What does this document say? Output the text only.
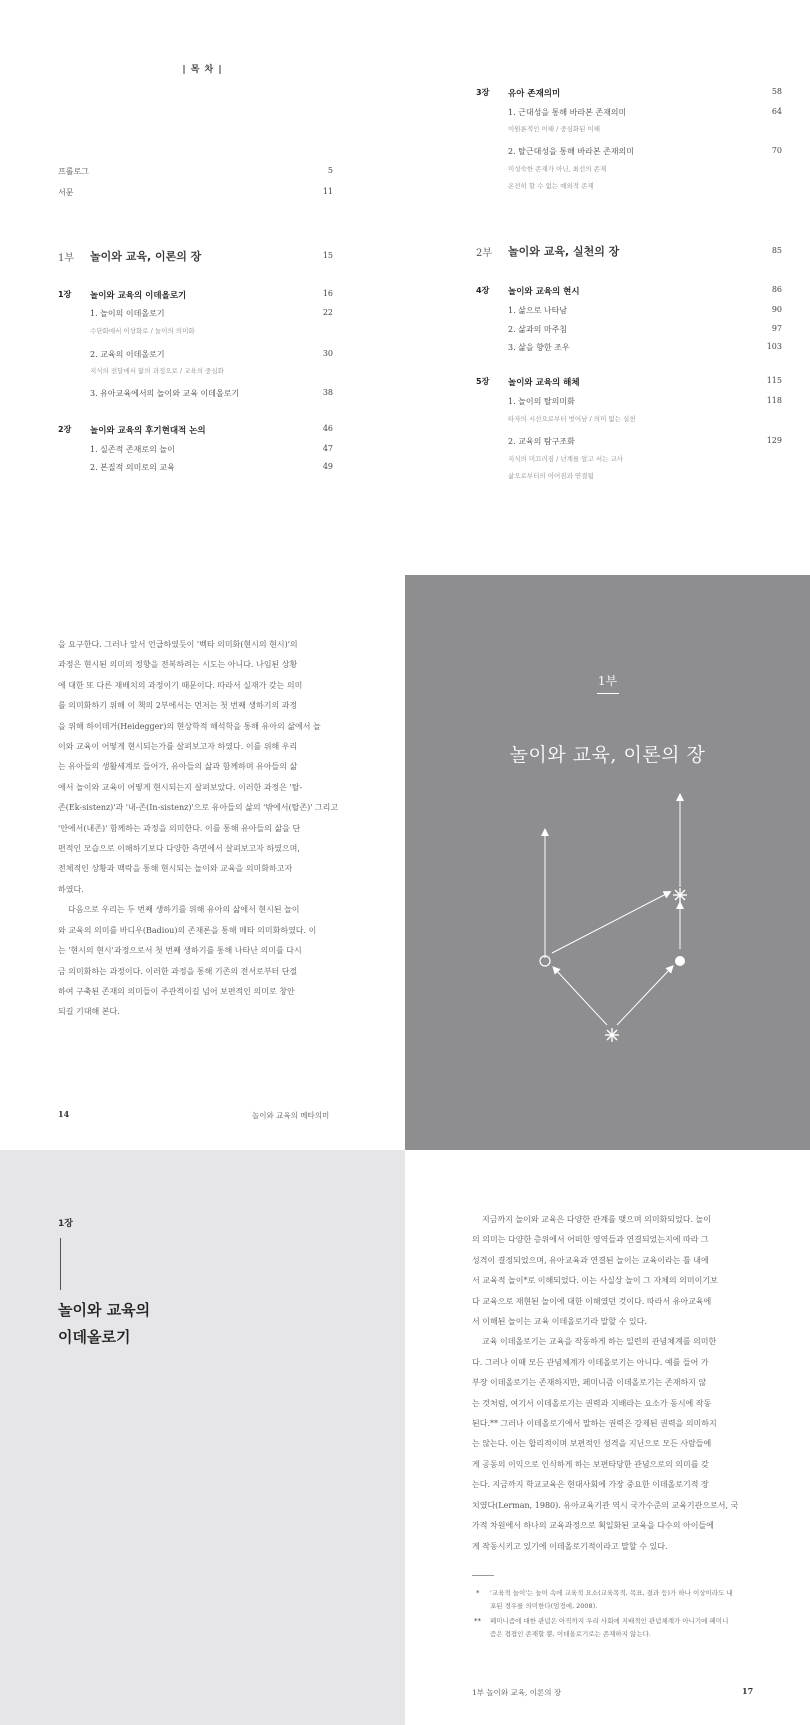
| 목 차 |
프롤로그	5
서문	11
1부 놀이와 교육, 이론의 장	15
1장 놀이와 교육의 이데올로기	16
1. 놀이의 이데올로기	22
수단화에서 이상화로 / 놀이의 의미화
2. 교육의 이데올로기	30
지식의 전달에서 앎의 과정으로 / 교육의 중심화
3. 유아교육에서의 놀이와 교육 이데올로기	38
2장 놀이와 교육의 후기현대적 논의	46
1. 실존적 존재로의 놀이	47
2. 본질적 의미로의 교육	49
3장 유아 존재의미	58
1. 근대성을 통해 바라본 존재의미	64
이원론적인 이해 / 중심화된 이해
2. 탈근대성을 통해 바라본 존재의미	70
미성숙한 존재가 아닌, 최선의 존재
온전히 할 수 없는 예외적 존재
2부 놀이와 교육, 실천의 장	85
4장 놀이와 교육의 현시	86
1. 삶으로 나타남	90
2. 삶과의 마주침	97
3. 삶을 향한 조우	103
5장 놀이와 교육의 해체	115
1. 놀이의 탈의미화	118
타자의 시선으로부터 벗어남 / 의미 없는 실천
2. 교육의 탐구조화	129
지식의 미끄러짐 / 넌계를 알고 서는 교사
삶으로부터의 이어짐과 연결됨

을 요구한다. 그러나 앞서 언급하였듯이 '벡타 의미화(현시의 현시)'의

과정은 현시된 의미의 정향을 전복하려는 시도는 아니다. 나임된 상황

에 대한 또 다른 재배치의 과정이기 때문이다. 따라서 실재가 갖는 의미

를 의미화하기 위해 이 책의 2부에서는 먼저는 첫 번째 생하기의 과정

을 위해 하이데거(Heidegger)의 현상학적 해석학을 통해 유아의 삶에서 놀

이와 교육이 어떻게 현시되는가를 살펴보고자 하였다. 이를 위해 우리

는 유아들의 생활세계로 들어가, 유아들의 삶과 함께하며 유아들의 삶

에서 놀이와 교육이 어떻게 현시되는지 살펴보았다. 이러한 과정은 '탈-

존(Ek-sistenz)'과 '내-존(In-sistenz)'으로 유아들의 삶의 '밖에서(탈존)' 그리고

'안에서(내존)' 함께하는 과정을 의미한다. 이를 통해 유아들의 삶을 단

편적인 모습으로 이해하기보다 다양한 측면에서 살펴보고자 하였으며,

전체적인 상황과 맥락을 통해 현시되는 놀이와 교육을 의미화하고자

하였다.

다음으로 우리는 두 번째 생하기를 위해 유아의 삶에서 현시된 놀이

와 교육의 의미를 바디우(Badiou)의 존재론을 통해 메타 의미화하였다. 이

는 '현시의 현시'과정으로서 첫 번째 생하기를 통해 나타난 의미를 다시

금 의미화하는 과정이다. 이러한 과정을 통해 기존의 전서로부터 단절

하여 구축된 존재의 의미들이 주관적이길 넘어 보편적인 의미로 창안

되길 기대해 본다.

14	놀이와 교육의 메타의미
1부
놀이와 교육, 이론의 장
1장
놀이와 교육의
이데올로기

지금까지 놀이와 교육은 다양한 관계를 맺으며 의미화되었다. 놀이

의 의미는 다양한 층위에서 어떠한 영역들과 연결되었는지에 따라 그

성격이 결정되었으며, 유아교육과 연결된 놀이는 교육이라는 틀 내에

서 교육적 놀이*로 이해되었다. 이는 사실상 놀이 그 자체의 의미이기보

다 교육으로 재현된 놀이에 대한 이해였던 것이다. 따라서 유아교육에

서 이해된 놀이는 교육 이데올로기라 말할 수 있다.

교육 이데올로기는 교육을 작동하게 하는 일련의 관념체계를 의미한

다. 그러나 이때 모든 관념체계가 이데올로기는 아니다. 예를 들어 가

부장 이데올로기는 존재하지만, 페미니즘 이데올로기는 존재하지 않

는 것처럼, 여기서 이데올로기는 권력과 지배라는 요소가 동시에 작동

된다.** 그러나 이데올로기에서 말하는 권력은 강제된 권력을 의미하지

는 않는다. 이는 합리적이며 보편적인 성격을 지닌으로 모든 사람들에

게 공동의 이익으로 인식하게 하는 보편타당한 관념으로의 의미를 갖

는다. 지금까지 학교교육은 현대사회에 가장 중요한 이데올로기적 장

치였다(Lerman, 1980). 유아교육기관 역시 국가수준의 교육기관으로서, 국

가적 차원에서 하나의 교육과정으로 획일화된 교육을 다수의 아이들에

게 작동시키고 있기에 이데올로기적이라고 말할 수 있다.

* '교육적 놀이'는 놀이 속에 교육적 요소(교육목적, 목표, 결과 등)가 하나 이상이라도 내
포된 경우를 의미한다(엄정애, 2008).
** 페미니즘에 대한 관념은 아직까지 우리 사회에 지배적인 관념체계가 아니기에 페미니
즘은 겹겹인 존재할 뿐, 이데올로기로는 존재하지 않는다.
1부 놀이와 교육, 이론의 장	17
